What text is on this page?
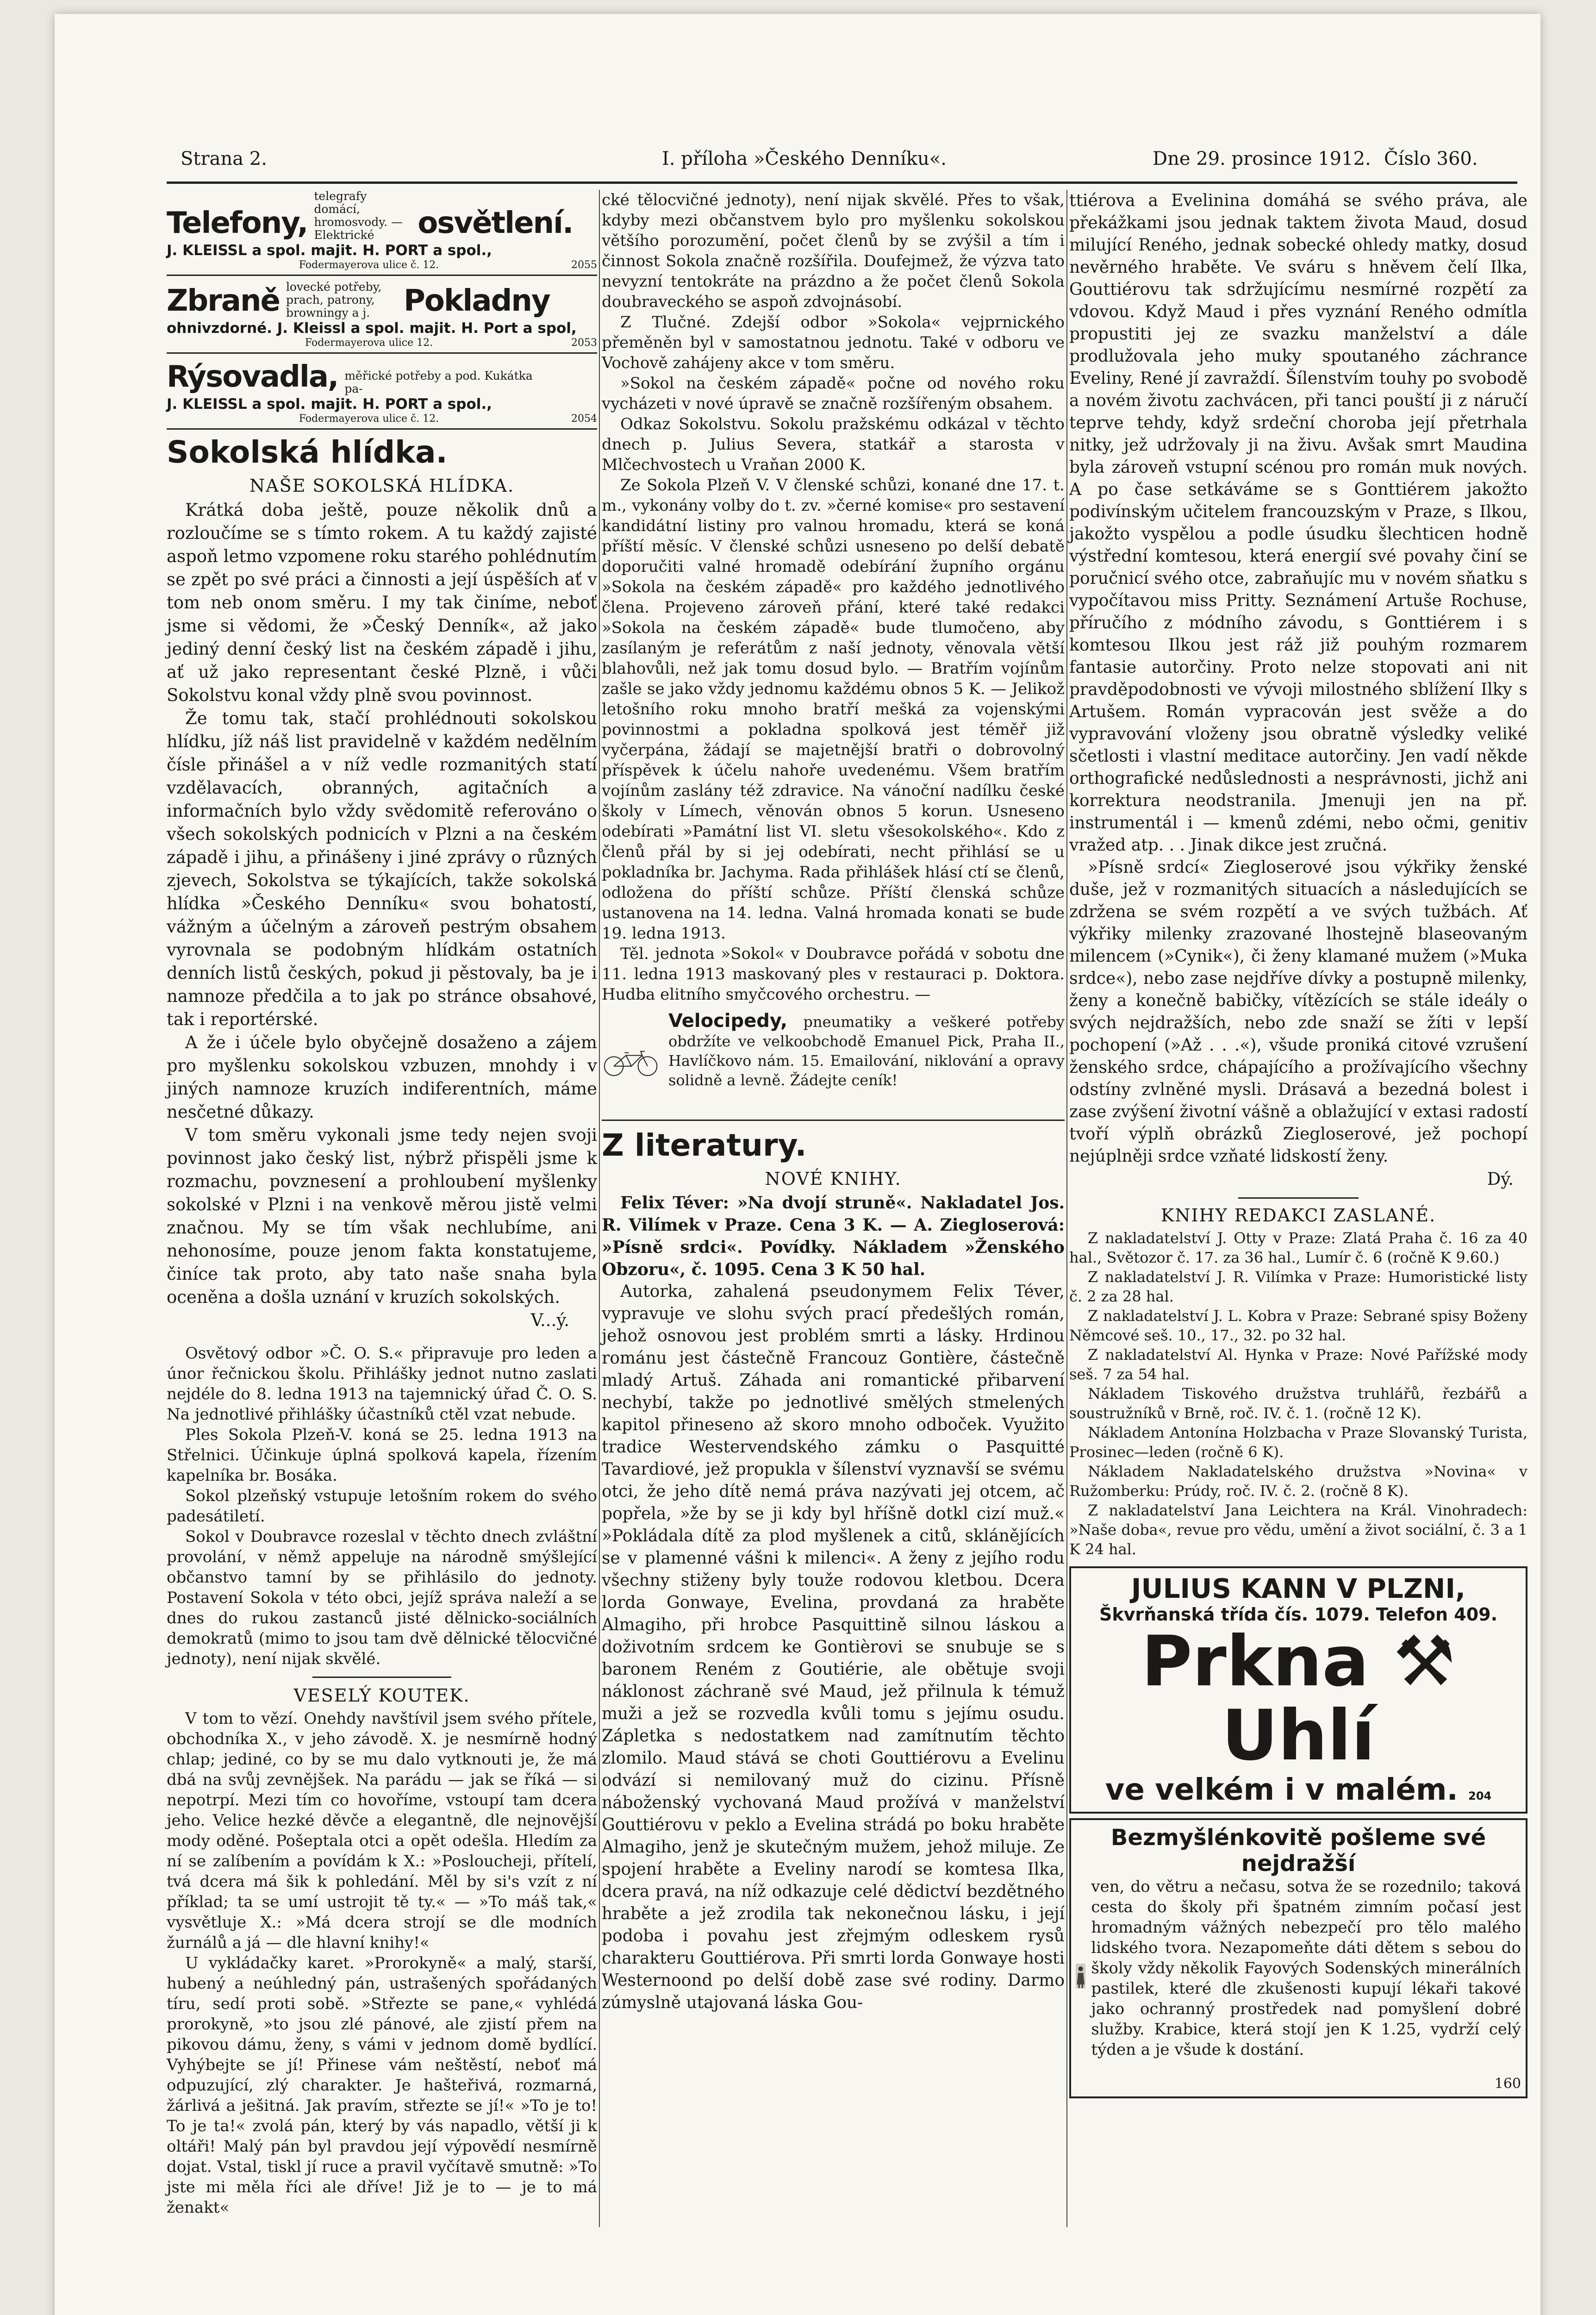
Strana 2.	I. příloha »Českého Denníku«.	Dne 29. prosince 1912. Číslo 360.
Telefony,
telegrafy domácí, hromosvody. — Elektrické	osvětlení.
J. KLEISSL a spol. majit. H. PORT a spol.,
Fodermayerova ulice č. 12.	2055
Zbraně lovecké potřeby, prach, patrony, browningy a j.	Pokladny
ohnivzdorné. J. Kleissl a spol. majit. H. Port a spol,
Fodermayerova ulice 12.	2053
Rýsovadla, měřické potřeby a pod. Kukátka pa-
J. KLEISSL a spol. majit. H. PORT a spol.,
Fodermayerova ulice č. 12.	2054
Sokolská hlídka.
NAŠE SOKOLSKÁ HLÍDKA.

Krátká doba ještě, pouze několik dnů a rozloučíme se s tímto rokem. A tu každý zajisté aspoň letmo vzpomene roku starého pohlédnutím se zpět po své práci a činnosti a její úspěších ať v tom neb onom směru. I my tak činíme, neboť jsme si vědomi, že »Český Denník«, až jako jediný denní český list na českém západě i jihu, ať už jako representant české Plzně, i vůči Sokolstvu konal vždy plně svou povinnost.

Že tomu tak, stačí prohlédnouti sokolskou hlídku, jíž náš list pravidelně v každém nedělním čísle přinášel a v níž vedle rozmanitých statí vzdělavacích, obranných, agitačních a informačních bylo vždy svědomitě referováno o všech sokolských podnicích v Plzni a na českém západě i jihu, a přinášeny i jiné zprávy o různých zjevech, Sokolstva se týkajících, takže sokolská hlídka »Českého Denníku« svou bohatostí, vážným a účelným a zároveň pestrým obsahem vyrovnala se podobným hlídkám ostatních denních listů českých, pokud ji pěstovaly, ba je i namnoze předčila a to jak po stránce obsahové, tak i reportérské.

A že i účele bylo obyčejně dosaženo a zájem pro myšlenku sokolskou vzbuzen, mnohdy i v jiných namnoze kruzích indiferentních, máme nesčetné důkazy.

V tom směru vykonali jsme tedy nejen svoji povinnost jako český list, nýbrž přispěli jsme k rozmachu, povznesení a prohloubení myšlenky sokolské v Plzni i na venkově měrou jistě velmi značnou. My se tím však nechlubíme, ani nehonosíme, pouze jenom fakta konstatujeme, činíce tak proto, aby tato naše snaha byla oceněna a došla uznání v kruzích sokolských.

V...ý.

Osvětový odbor »Č. O. S.« připravuje pro leden a únor řečnickou školu. Přihlášky jednot nutno zaslati nejdéle do 8. ledna 1913 na tajemnický úřad Č. O. S. Na jednotlivé přihlášky účastníků ctěl vzat nebude.

Ples Sokola Plzeň-V. koná se 25. ledna 1913 na Střelnici. Účinkuje úplná spolková kapela, řízením kapelníka br. Bosáka.

Sokol plzeňský vstupuje letošním rokem do svého padesátiletí.

Sokol v Doubravce rozeslal v těchto dnech zvláštní provolání, v němž appeluje na národně smýšlející občanstvo tamní by se přihlásilo do jednoty. Postavení Sokola v této obci, jejíž správa naleží a se dnes do rukou zastanců jisté dělnicko-sociálních demokratů (mimo to jsou tam dvě dělnické tělocvičné jednoty), není nijak skvělé.

VESELÝ KOUTEK.

V tom to vězí. Onehdy navštívil jsem svého přítele, obchodníka X., v jeho závodě. X. je nesmírně hodný chlap; jediné, co by se mu dalo vytknouti je, že má dbá na svůj zevnějšek. Na parádu — jak se říká — si nepotrpí. Mezi tím co hovoříme, vstoupí tam dcera jeho. Velice hezké děvče a elegantně, dle nejnovější mody oděné. Pošeptala otci a opět odešla. Hledím za ní se zalíbením a povídám k X.: »Posloucheji, přítelí, tvá dcera má šik k pohledání. Měl by si's vzít z ní příklad; ta se umí ustrojit tě ty.« — »To máš tak,« vysvětluje X.: »Má dcera strojí se dle modních žurnálů a já — dle hlavní knihy!«

U vykládačky karet. »Prorokyně« a malý, starší, hubený a neúhledný pán, ustrašených spořádaných tíru, sedí proti sobě. »Střezte se pane,« vyhlédá prorokyně, »to jsou zlé pánové, ale zjistí přem na pikovou dámu, ženy, s vámi v jednom domě bydlící. Vyhýbejte se jí! Přinese vám neštěstí, neboť má odpuzující, zlý charakter. Je hašteřivá, rozmarná, žárlivá a ješitná. Jak pravím, střezte se jí!« »To je to! To je ta!« zvolá pán, který by vás napadlo, větší ji k oltáři! Malý pán byl pravdou její výpovědí nesmírně dojat. Vstal, tiskl jí ruce a pravil vyčítavě smutně: »To jste mi měla říci ale dříve! Již je to — je to má ženakt«

cké tělocvičné jednoty), není nijak skvělé. Přes to však, kdyby mezi občanstvem bylo pro myšlenku sokolskou většího porozumění, počet členů by se zvýšil a tím i činnost Sokola značně rozšířila. Doufejmež, že výzva tato nevyzní tentokráte na prázdno a že počet členů Sokola doubraveckého se aspoň zdvojnásobí.

Z Tlučné. Zdejší odbor »Sokola« vejprnického přeměněn byl v samostatnou jednotu. Také v odboru ve Vochově zahájeny akce v tom směru.

»Sokol na českém západě« počne od nového roku vycházeti v nové úpravě se značně rozšířeným obsahem.

Odkaz Sokolstvu. Sokolu pražskému odkázal v těchto dnech p. Julius Severa, statkář a starosta v Mlčechvostech u Vraňan 2000 K.

Ze Sokola Plzeň V. V členské schůzi, konané dne 17. t. m., vykonány volby do t. zv. »černé komise« pro sestavení kandidátní listiny pro valnou hromadu, která se koná příští měsíc. V členské schůzi usneseno po delší debatě doporučiti valné hromadě odebírání župního orgánu »Sokola na českém západě« pro každého jednotlivého člena. Projeveno zároveň přání, které také redakci »Sokola na českém západě« bude tlumočeno, aby zasílaným je referátům z naší jednoty, věnovala větší blahovůli, než jak tomu dosud bylo. — Bratřím vojínům zašle se jako vždy jednomu každému obnos 5 K. — Jelikož letošního roku mnoho bratří mešká za vojenskými povinnostmi a pokladna spolková jest téměř již vyčerpána, žádají se majetnější bratři o dobrovolný příspěvek k účelu nahoře uvedenému. Všem bratřím vojínům zaslány též zdravice. Na vánoční nadílku české školy v Límech, věnován obnos 5 korun. Usneseno odebírati »Památní list VI. sletu všesokolského«. Kdo z členů přál by si jej odebírati, necht přihlásí se u pokladníka br. Jachyma. Rada přihlášek hlásí ctí se členů, odložena do příští schůze. Příští členská schůze ustanovena na 14. ledna. Valná hromada konati se bude 19. ledna 1913.

Těl. jednota »Sokol« v Doubravce pořádá v sobotu dne 11. ledna 1913 maskovaný ples v restauraci p. Doktora. Hudba elitního smyčcového orchestru. —

Velocipedy, pneumatiky a veškeré potřeby obdržíte ve velkoobchodě Emanuel Pick, Praha II., Havlíčkovo nám. 15. Emailování, niklování a opravy solidně a levně. Žádejte ceník!

Z literatury.
NOVÉ KNIHY.

Felix Téver: »Na dvojí struně«. Nakladatel Jos. R. Vilímek v Praze. Cena 3 K. — A. Ziegloserová: »Písně srdci«. Povídky. Nákladem »Ženského Obzoru«, č. 1095. Cena 3 K 50 hal.

Autorka, zahalená pseudonymem Felix Téver, vypravuje ve slohu svých prací předešlých román, jehož osnovou jest problém smrti a lásky. Hrdinou románu jest částečně Francouz Gontière, částečně mladý Artuš. Záhada ani romantické přibarvení nechybí, takže po jednotlivé smělých stmelených kapitol přineseno až skoro mnoho odboček. Využito tradice Westervendského zámku o Pasquitté Tavardiové, jež propukla v šílenství vyznavší se svému otci, že jeho dítě nemá práva nazývati jej otcem, ač popřela, »že by se ji kdy byl hříšně dotkl cizí muž.« »Pokládala dítě za plod myšlenek a citů, sklánějících se v plamenné vášni k milenci«. A ženy z jejího rodu všechny stiženy byly touže rodovou kletbou. Dcera lorda Gonwaye, Evelina, provdaná za hraběte Almagiho, při hrobce Pasquittině silnou láskou a doživotním srdcem ke Gontièrovi se snubuje se s baronem Reném z Goutiérie, ale obětuje svoji náklonost záchraně své Maud, jež přilnula k témuž muži a jež se rozvedla kvůli tomu s jejímu osudu. Zápletka s nedostatkem nad zamítnutím těchto zlomilo. Maud stává se choti Gouttiérovu a Evelinu odvází si nemilovaný muž do cizinu. Přísně náboženský vychovaná Maud prožívá v manželství Gouttiérovu v peklo a Evelina strádá po boku hraběte Almagiho, jenž je skutečným mužem, jehož miluje. Ze spojení hraběte a Eveliny narodí se komtesa Ilka, dcera pravá, na níž odkazuje celé dědictví bezdětného hraběte a jež zrodila tak nekonečnou lásku, i její podoba i povahu jest zřejmým odleskem rysů charakteru Gouttiérova. Při smrti lorda Gonwaye hosti Westernoond po delší době zase své rodiny. Darmo zúmyslně utajovaná láska Gou-

ttiérova a Evelinina domáhá se svého práva, ale překážkami jsou jednak taktem života Maud, dosud milující Reného, jednak sobecké ohledy matky, dosud nevěrného hraběte. Ve sváru s hněvem čelí Ilka, Gouttiérovu tak sdržujícímu nesmírné rozpětí za vdovou. Když Maud i přes vyznání Reného odmítla propustiti jej ze svazku manželství a dále prodlužovala jeho muky spoutaného záchrance Eveliny, René jí zavraždí. Šílenstvím touhy po svobodě a novém životu zachvácen, při tanci pouští ji z náručí teprve tehdy, když srdeční choroba její přetrhala nitky, jež udržovaly ji na živu. Avšak smrt Maudina byla zároveň vstupní scénou pro román muk nových. A po čase setkáváme se s Gonttiérem jakožto podivínským učitelem francouzským v Praze, s Ilkou, jakožto vyspělou a podle úsudku šlechticen hodně výstřední komtesou, která energií své povahy činí se poručnicí svého otce, zabraňujíc mu v novém sňatku s vypočítavou miss Pritty. Seznámení Artuše Rochuse, příručího z módního závodu, s Gonttiérem i s komtesou Ilkou jest ráž již pouhým rozmarem fantasie autorčiny. Proto nelze stopovati ani nit pravděpodobnosti ve vývoji milostného sblížení Ilky s Artušem. Román vypracován jest svěže a do vypravování vloženy jsou obratně výsledky veliké sčetlosti i vlastní meditace autorčiny. Jen vadí někde orthografické nedůslednosti a nesprávnosti, jichž ani korrektura neodstranila. Jmenuji jen na př. instrumentál i — kmenů zdémi, nebo očmi, genitiv vražed atp. . . Jinak dikce jest zručná.

»Písně srdcí« Ziegloserové jsou výkřiky ženské duše, jež v rozmanitých situacích a následujících se zdržena se svém rozpětí a ve svých tužbách. Ať výkřiky milenky zrazované lhostejně blaseovaným milencem (»Cynik«), či ženy klamané mužem (»Muka srdce«), nebo zase nejdříve dívky a postupně milenky, ženy a konečně babičky, vítězících se stále ideály o svých nejdražších, nebo zde snaží se žíti v lepší pochopení (»Až . . .«), všude proniká citové vzrušení ženského srdce, chápajícího a prožívajícího všechny odstíny zvlněné mysli. Drásavá a bezedná bolest i zase zvýšení životní vášně a oblažující v extasi radostí tvoří výplň obrázků Ziegloserové, jež pochopí nejúplněji srdce vzňaté lidskostí ženy.

Dý.

KNIHY REDAKCI ZASLANÉ.

Z nakladatelství J. Otty v Praze: Zlatá Praha č. 16 za 40 hal., Světozor č. 17. za 36 hal., Lumír č. 6 (ročně K 9.60.)

Z nakladatelství J. R. Vilímka v Praze: Humoristické listy č. 2 za 28 hal.

Z nakladatelství J. L. Kobra v Praze: Sebrané spisy Boženy Němcové seš. 10., 17., 32. po 32 hal.

Z nakladatelství Al. Hynka v Praze: Nové Pařížské mody seš. 7 za 54 hal.

Nákladem Tiskového družstva truhlářů, řezbářů a soustružníků v Brně, roč. IV. č. 1. (ročně 12 K).

Nákladem Antonína Holzbacha v Praze Slovanský Turista, Prosinec—leden (ročně 6 K).

Nákladem Nakladatelského družstva »Novina« v Ružomberku: Prúdy, roč. IV. č. 2. (ročně 8 K).

Z nakladatelství Jana Leichtera na Král. Vinohradech: »Naše doba«, revue pro vědu, umění a život sociální, č. 3 a 1 K 24 hal.

JULIUS KANN V PLZNI,
Škvrňanská třída čís. 1079. Telefon 409.
Prkna ⚒ Uhlí
ve velkém i v malém. 204
Bezmyšlénkovitě pošleme své nejdražší

ven, do větru a nečasu, sotva že se rozednilo; taková cesta do školy při špatném zimním počasí jest hromadným vážných nebezpečí pro tělo malého lidského tvora. Nezapomeňte dáti dětem s sebou do školy vždy několik Fayových Sodenských minerálních pastilek, které dle zkušenosti kupují lékaři takové jako ochranný prostředek nad pomyšlení dobré služby. Krabice, která stojí jen K 1.25, vydrží celý týden a je všude k dostání.

160
